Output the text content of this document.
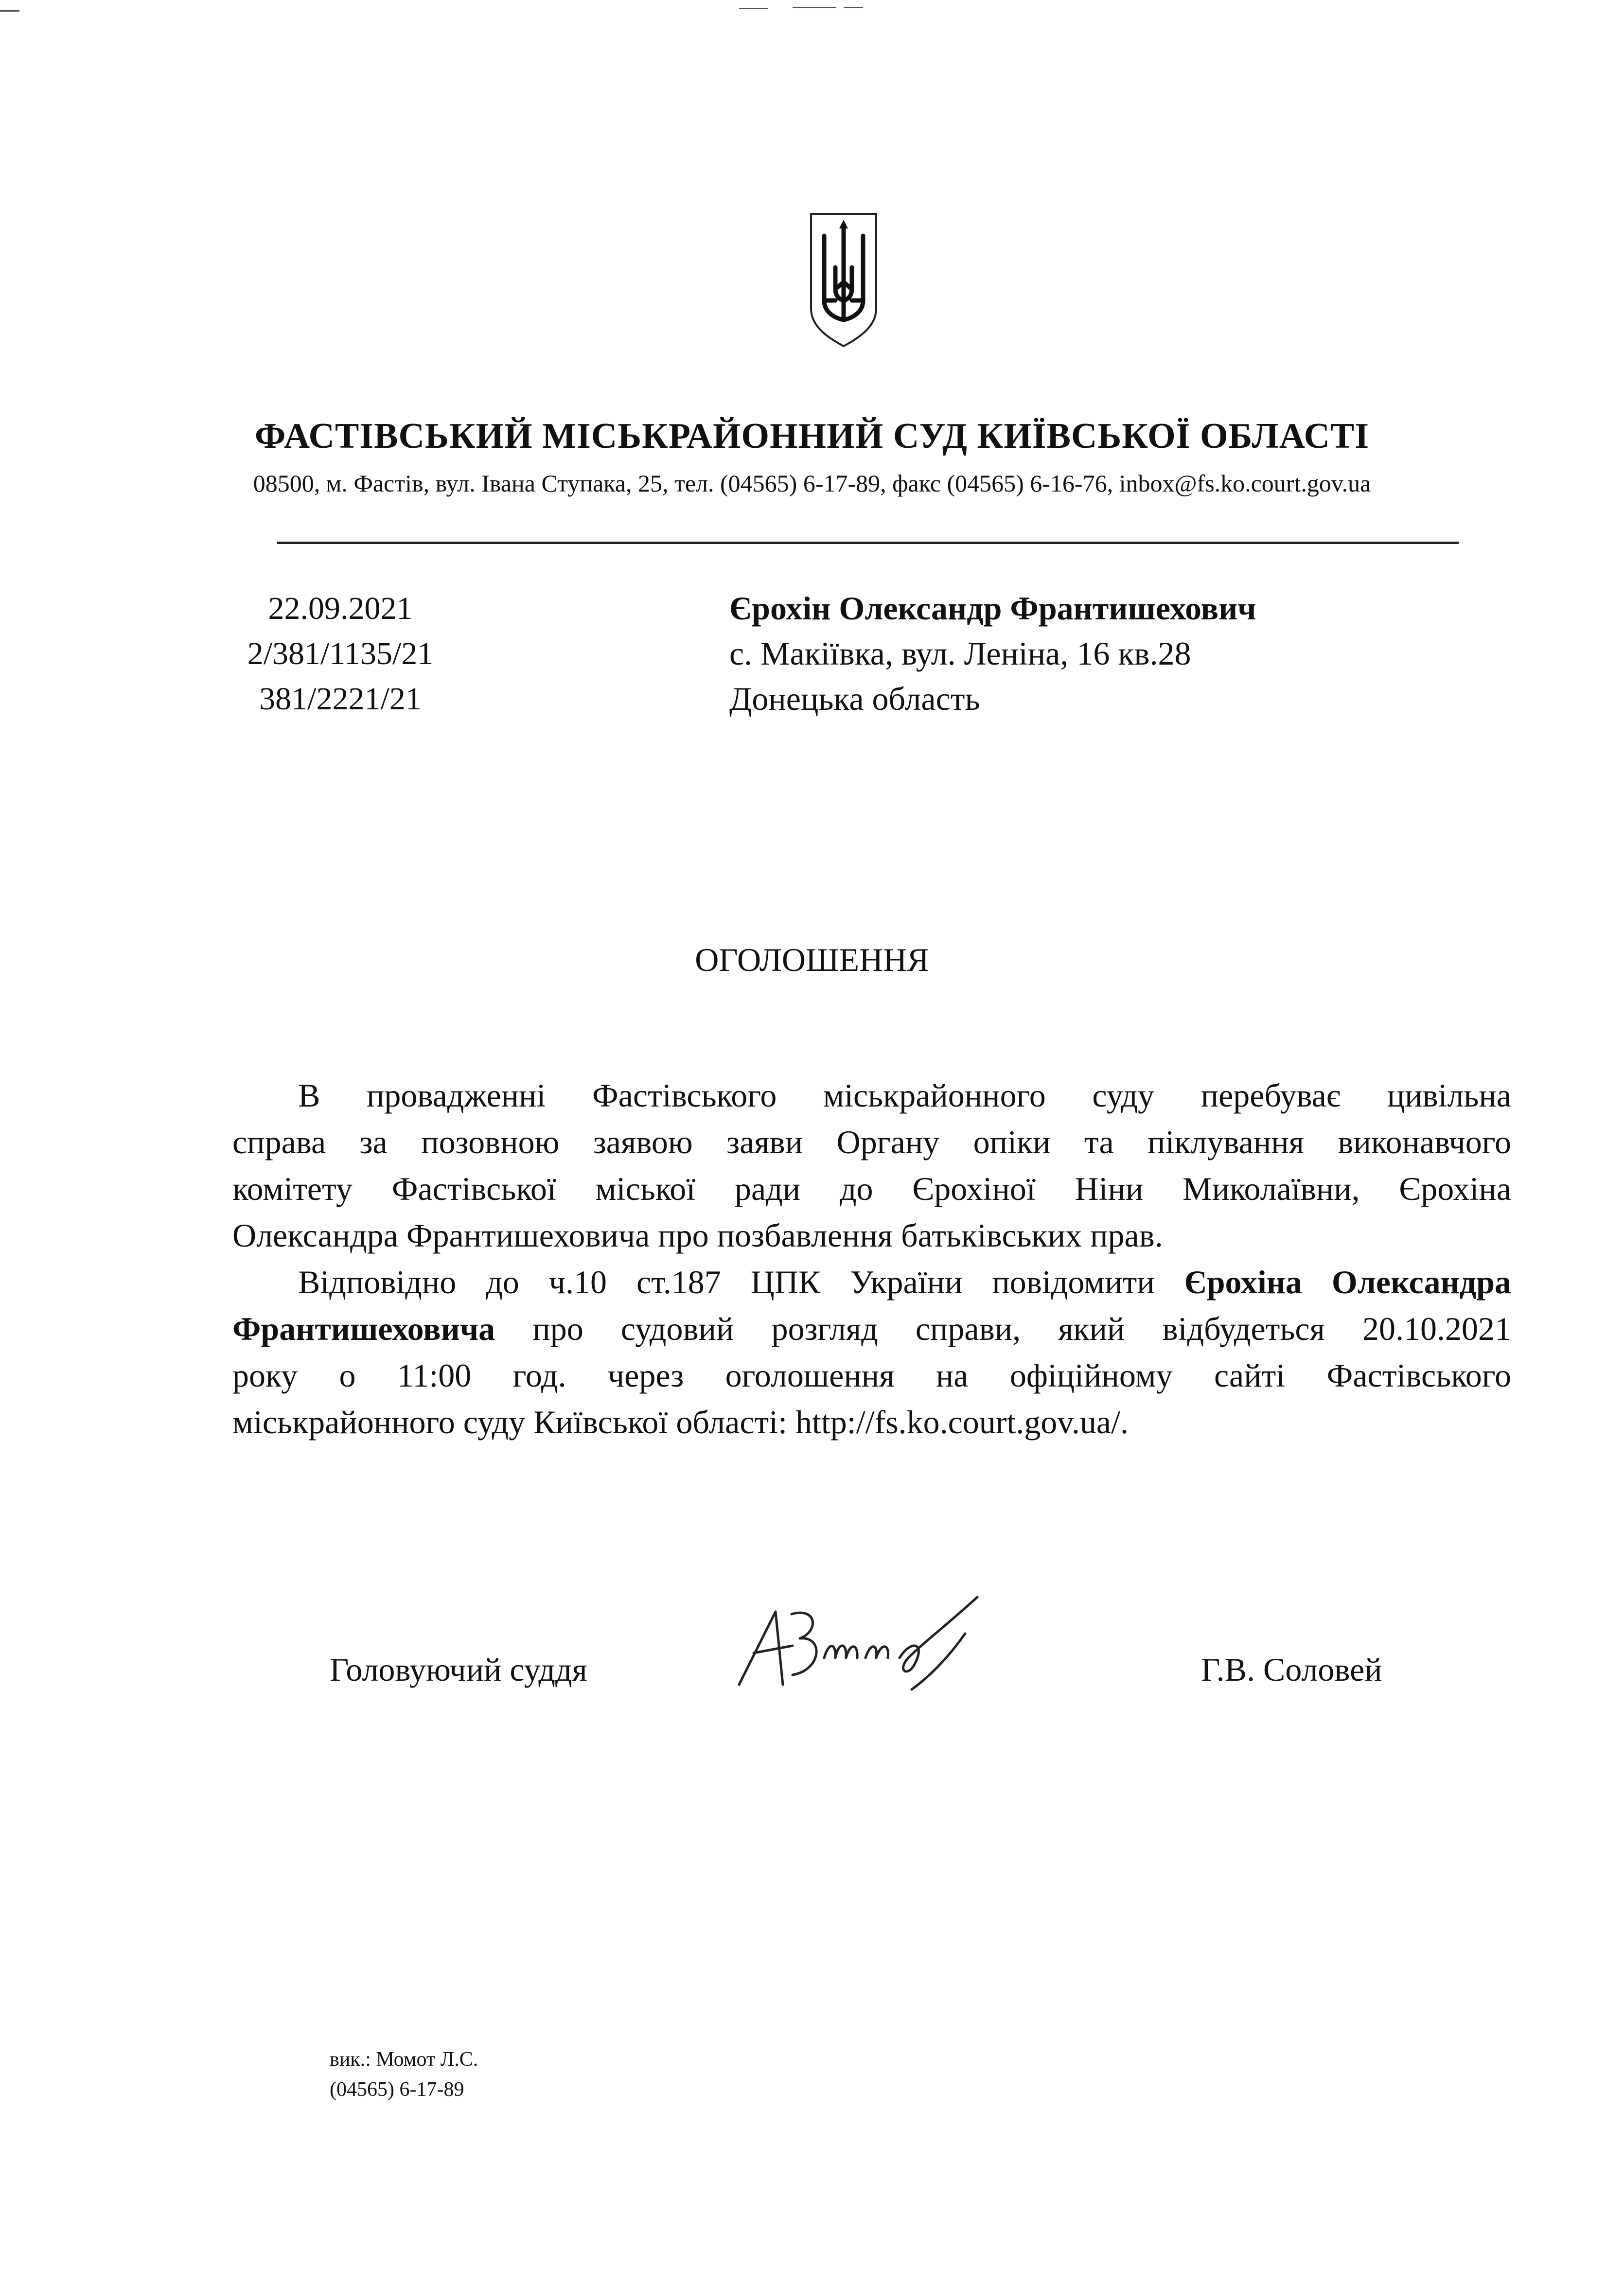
ФАСТІВСЬКИЙ МІСЬКРАЙОННИЙ СУД КИЇВСЬКОЇ ОБЛАСТІ
08500, м. Фастів, вул. Івана Ступака, 25, тел. (04565) 6-17-89, факс (04565) 6-16-76, inbox@fs.ko.court.gov.ua
22.09.2021
2/381/1135/21
381/2221/21
Єрохін Олександр Франтишехович
с. Макіївка, вул. Леніна, 16 кв.28
Донецька область
ОГОЛОШЕННЯ
В провадженні Фастівського міськрайонного суду перебуває цивільна
справа за позовною заявою заяви Органу опіки та піклування виконавчого
комітету Фастівської міської ради до Єрохіної Ніни Миколаївни, Єрохіна
Олександра Франтишеховича про позбавлення батьківських прав.
Відповідно до ч.10 ст.187 ЦПК України повідомити Єрохіна Олександра
Франтишеховича про судовий розгляд справи, який відбудеться 20.10.2021
року о 11:00 год. через оголошення на офіційному сайті Фастівського
міськрайонного суду Київської області: http://fs.ko.court.gov.ua/.
Головуючий суддя	Г.В. Соловей
вик.: Момот Л.С.
(04565) 6-17-89
